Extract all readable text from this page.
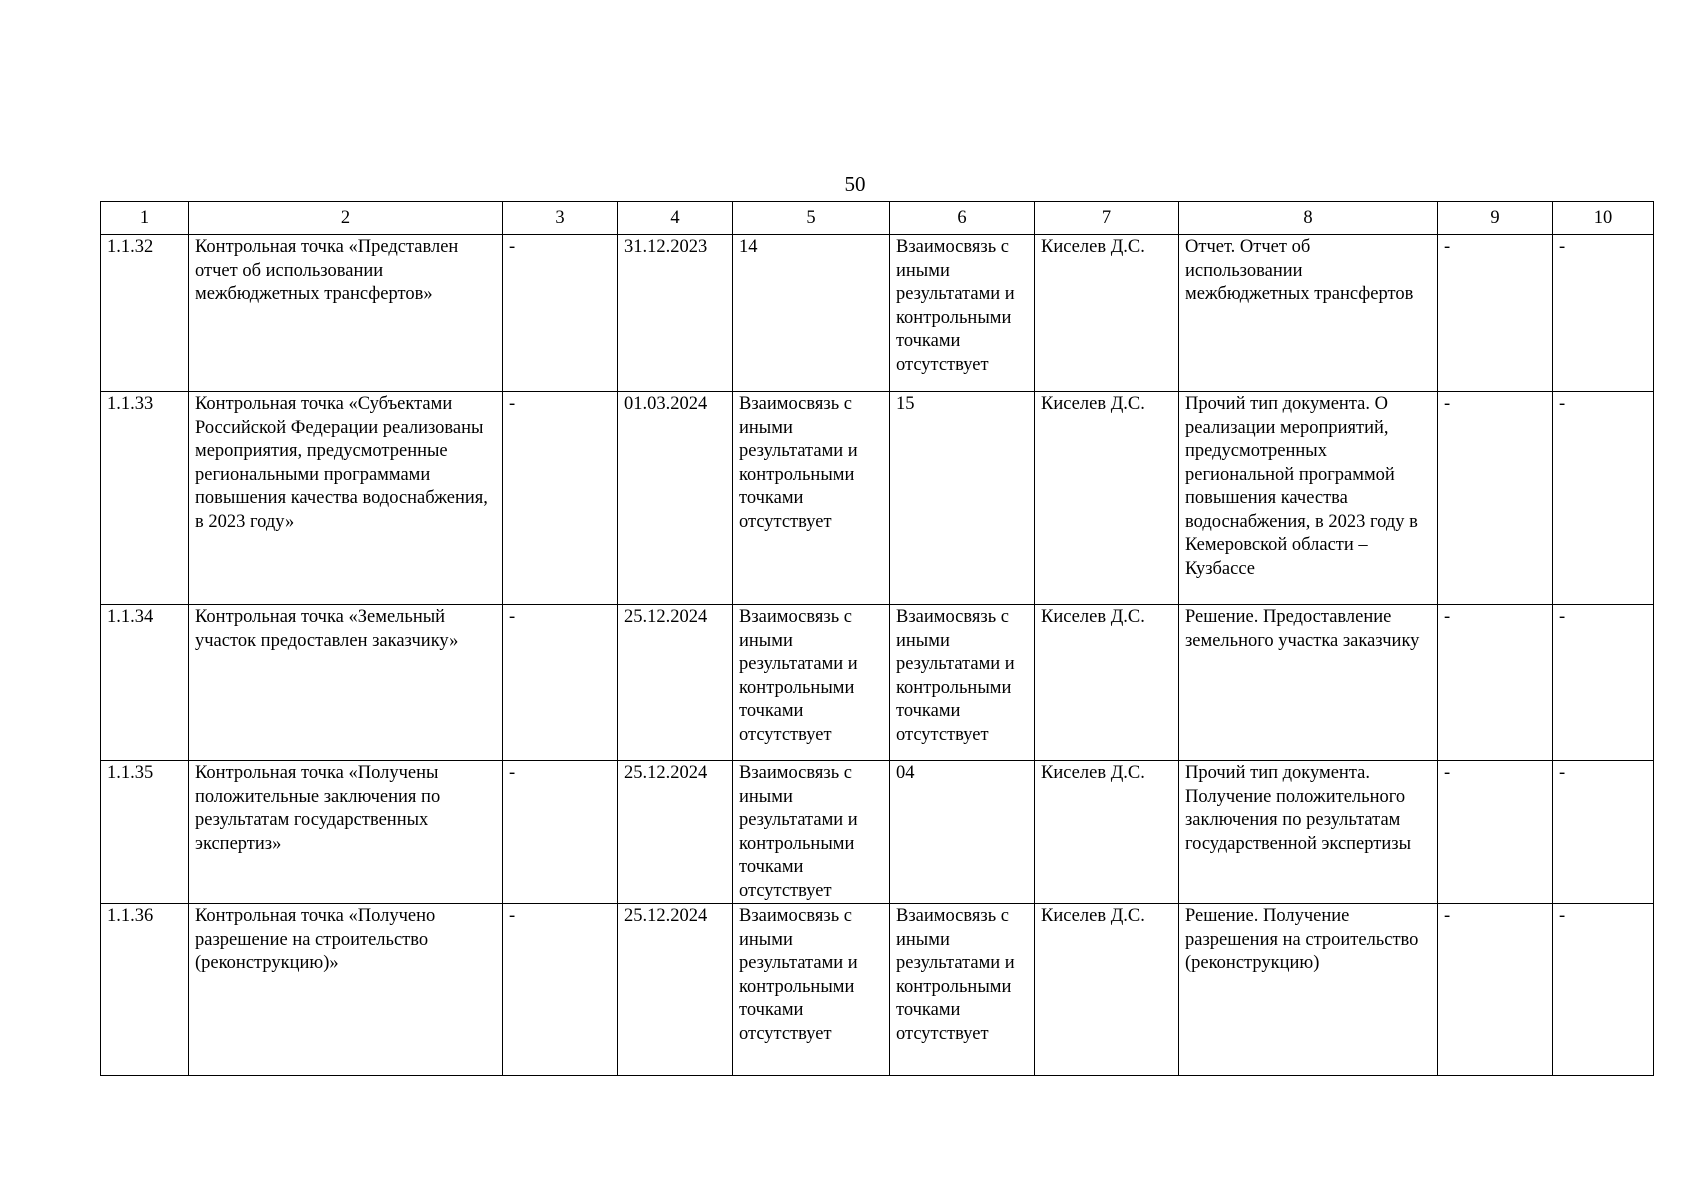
50
1	2	3	4	5	6	7	8	9	10
1.1.32	Контрольная точка «Представлен отчет об использовании межбюджетных трансфертов»	-	31.12.2023	14	Взаимосвязь с иными результатами и контрольными точками отсутствует	Киселев Д.С.	Отчет. Отчет об использовании межбюджетных трансфертов	-	-
1.1.33	Контрольная точка «Субъектами Российской Федерации реализованы мероприятия, предусмотренные региональными программами повышения качества водоснабжения, в 2023 году»	-	01.03.2024	Взаимосвязь с иными результатами и контрольными точками отсутствует	15	Киселев Д.С.	Прочий тип документа. О реализации мероприятий, предусмотренных региональной программой повышения качества водоснабжения, в 2023 году в Кемеровской области – Кузбассе	-	-
1.1.34	Контрольная точка «Земельный участок предоставлен заказчику»	-	25.12.2024	Взаимосвязь с иными результатами и контрольными точками отсутствует	Взаимосвязь с иными результатами и контрольными точками отсутствует	Киселев Д.С.	Решение. Предоставление земельного участка заказчику	-	-
1.1.35	Контрольная точка «Получены положительные заключения по результатам государственных экспертиз»	-	25.12.2024	Взаимосвязь с иными результатами и контрольными точками отсутствует	04	Киселев Д.С.	Прочий тип документа. Получение положительного заключения по результатам государственной экспертизы	-	-
1.1.36	Контрольная точка «Получено разрешение на строительство (реконструкцию)»	-	25.12.2024	Взаимосвязь с иными результатами и контрольными точками отсутствует	Взаимосвязь с иными результатами и контрольными точками отсутствует	Киселев Д.С.	Решение. Получение разрешения на строительство (реконструкцию)	-	-
